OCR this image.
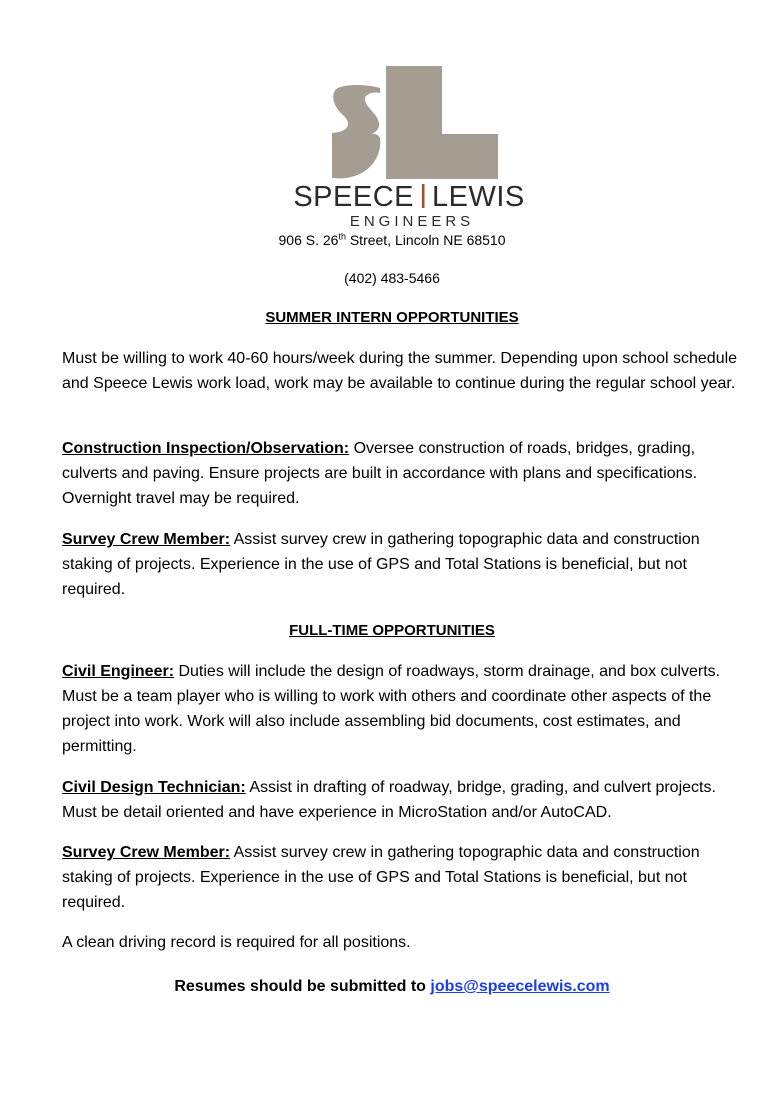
SPEECE LEWIS
ENGINEERS
906 S. 26th Street, Lincoln NE 68510
(402) 483-5466
SUMMER INTERN OPPORTUNITIES
Must be willing to work 40-60 hours/week during the summer. Depending upon school schedule and Speece Lewis work load, work may be available to continue during the regular school year.
Construction Inspection/Observation: Oversee construction of roads, bridges, grading, culverts and paving. Ensure projects are built in accordance with plans and specifications. Overnight travel may be required.
Survey Crew Member: Assist survey crew in gathering topographic data and construction staking of projects. Experience in the use of GPS and Total Stations is beneficial, but not required.
FULL-TIME OPPORTUNITIES
Civil Engineer: Duties will include the design of roadways, storm drainage, and box culverts. Must be a team player who is willing to work with others and coordinate other aspects of the project into work. Work will also include assembling bid documents, cost estimates, and permitting.
Civil Design Technician: Assist in drafting of roadway, bridge, grading, and culvert projects. Must be detail oriented and have experience in MicroStation and/or AutoCAD.
Survey Crew Member: Assist survey crew in gathering topographic data and construction staking of projects. Experience in the use of GPS and Total Stations is beneficial, but not required.
A clean driving record is required for all positions.
Resumes should be submitted to jobs@speecelewis.com
